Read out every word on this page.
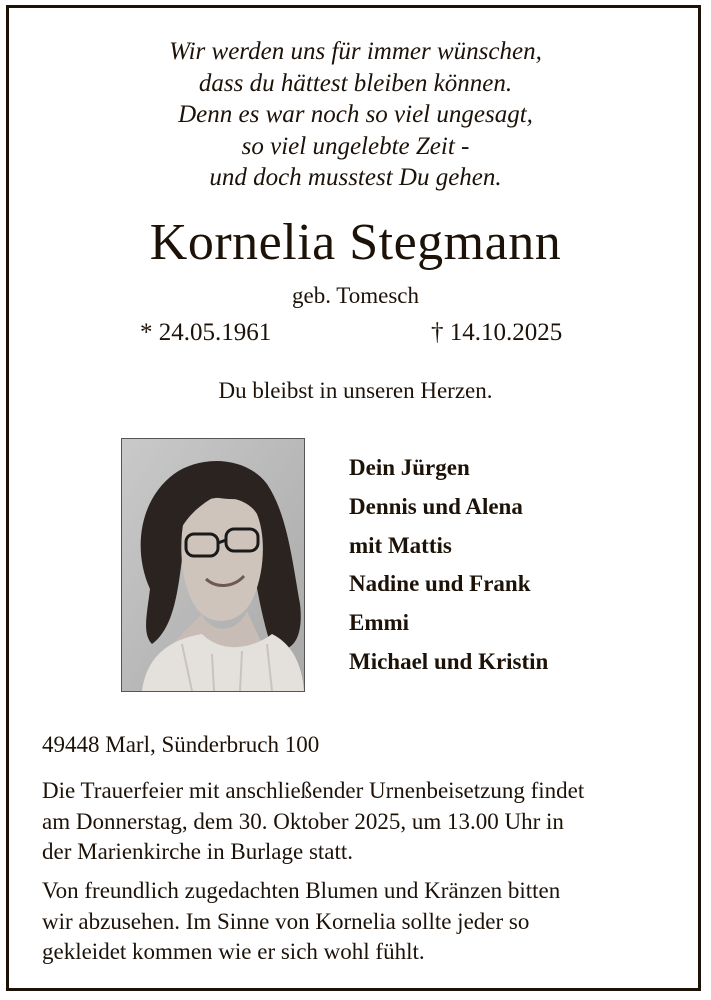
Wir werden uns für immer wünschen,
dass du hättest bleiben können.
Denn es war noch so viel ungesagt,
so viel ungelebte Zeit -
und doch musstest Du gehen.
Kornelia Stegmann
geb. Tomesch
* 24.05.1961	† 14.10.2025
Du bleibst in unseren Herzen.
Dein Jürgen
Dennis und Alena
mit Mattis
Nadine und Frank
Emmi
Michael und Kristin
49448 Marl, Sünderbruch 100
Die Trauerfeier mit anschließender Urnenbeisetzung findet
am Donnerstag, dem 30. Oktober 2025, um 13.00 Uhr in
der Marienkirche in Burlage statt.
Von freundlich zugedachten Blumen und Kränzen bitten
wir abzusehen. Im Sinne von Kornelia sollte jeder so
gekleidet kommen wie er sich wohl fühlt.
